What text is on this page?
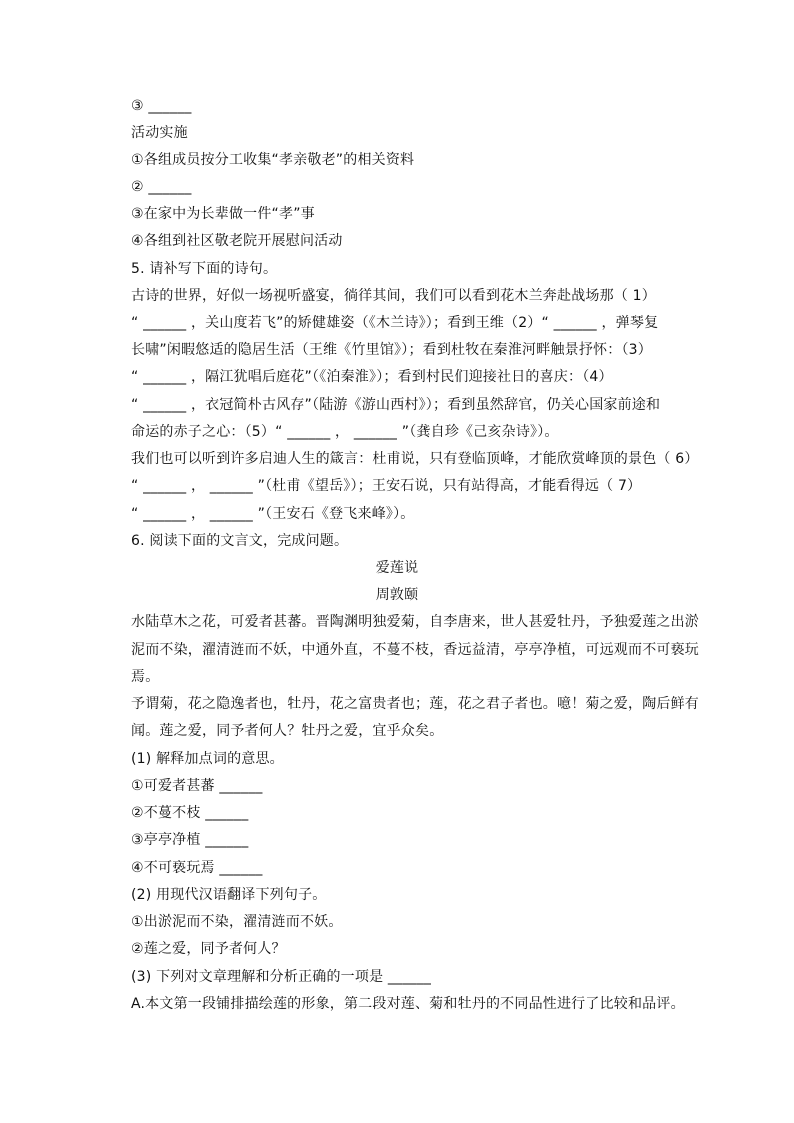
③ ______
活动实施
①各组成员按分工收集“孝亲敬老”的相关资料
② ______
③在家中为长辈做一件“孝”事
④各组到社区敬老院开展慰问活动
5. 请补写下面的诗句。
古诗的世界，好似一场视听盛宴，徜徉其间，我们可以看到花木兰奔赴战场那（ 1）
“ ______ ，关山度若飞”的矫健雄姿（《木兰诗》）；看到王维（2）“ ______ ，弹琴复
长啸”闲暇悠适的隐居生活（王维《竹里馆》）；看到杜牧在秦淮河畔触景抒怀：（3）
“ ______ ，隔江犹唱后庭花”（《泊秦淮》）；看到村民们迎接社日的喜庆：（4）
“ ______ ，衣冠简朴古风存”（陆游《游山西村》）；看到虽然辞官，仍关心国家前途和
命运的赤子之心：（5）“ ______ ， ______ ”（龚自珍《己亥杂诗》）。
我们也可以听到许多启迪人生的箴言：杜甫说，只有登临顶峰，才能欣赏峰顶的景色（ 6）
“ ______ ， ______ ”（杜甫《望岳》）；王安石说，只有站得高，才能看得远（ 7）
“ ______ ， ______ ”（王安石《登飞来峰》）。
6. 阅读下面的文言文，完成问题。
爱莲说
周敦颐
水陆草木之花，可爱者甚蕃。晋陶渊明独爱菊，自李唐来，世人甚爱牡丹，予独爱莲之出淤
泥而不染，濯清涟而不妖，中通外直，不蔓不枝，香远益清，亭亭净植，可远观而不可亵玩
焉。
予谓菊，花之隐逸者也，牡丹，花之富贵者也；莲，花之君子者也。噫！菊之爱，陶后鲜有
闻。莲之爱，同予者何人？牡丹之爱，宜乎众矣。
(1) 解释加点词的意思。
①可爱者甚蕃 ______
②不蔓不枝 ______
③亭亭净植 ______
④不可亵玩焉 ______
(2) 用现代汉语翻译下列句子。
①出淤泥而不染，濯清涟而不妖。
②莲之爱，同予者何人？
(3) 下列对文章理解和分析正确的一项是 ______
A.本文第一段铺排描绘莲的形象，第二段对莲、菊和牡丹的不同品性进行了比较和品评。
